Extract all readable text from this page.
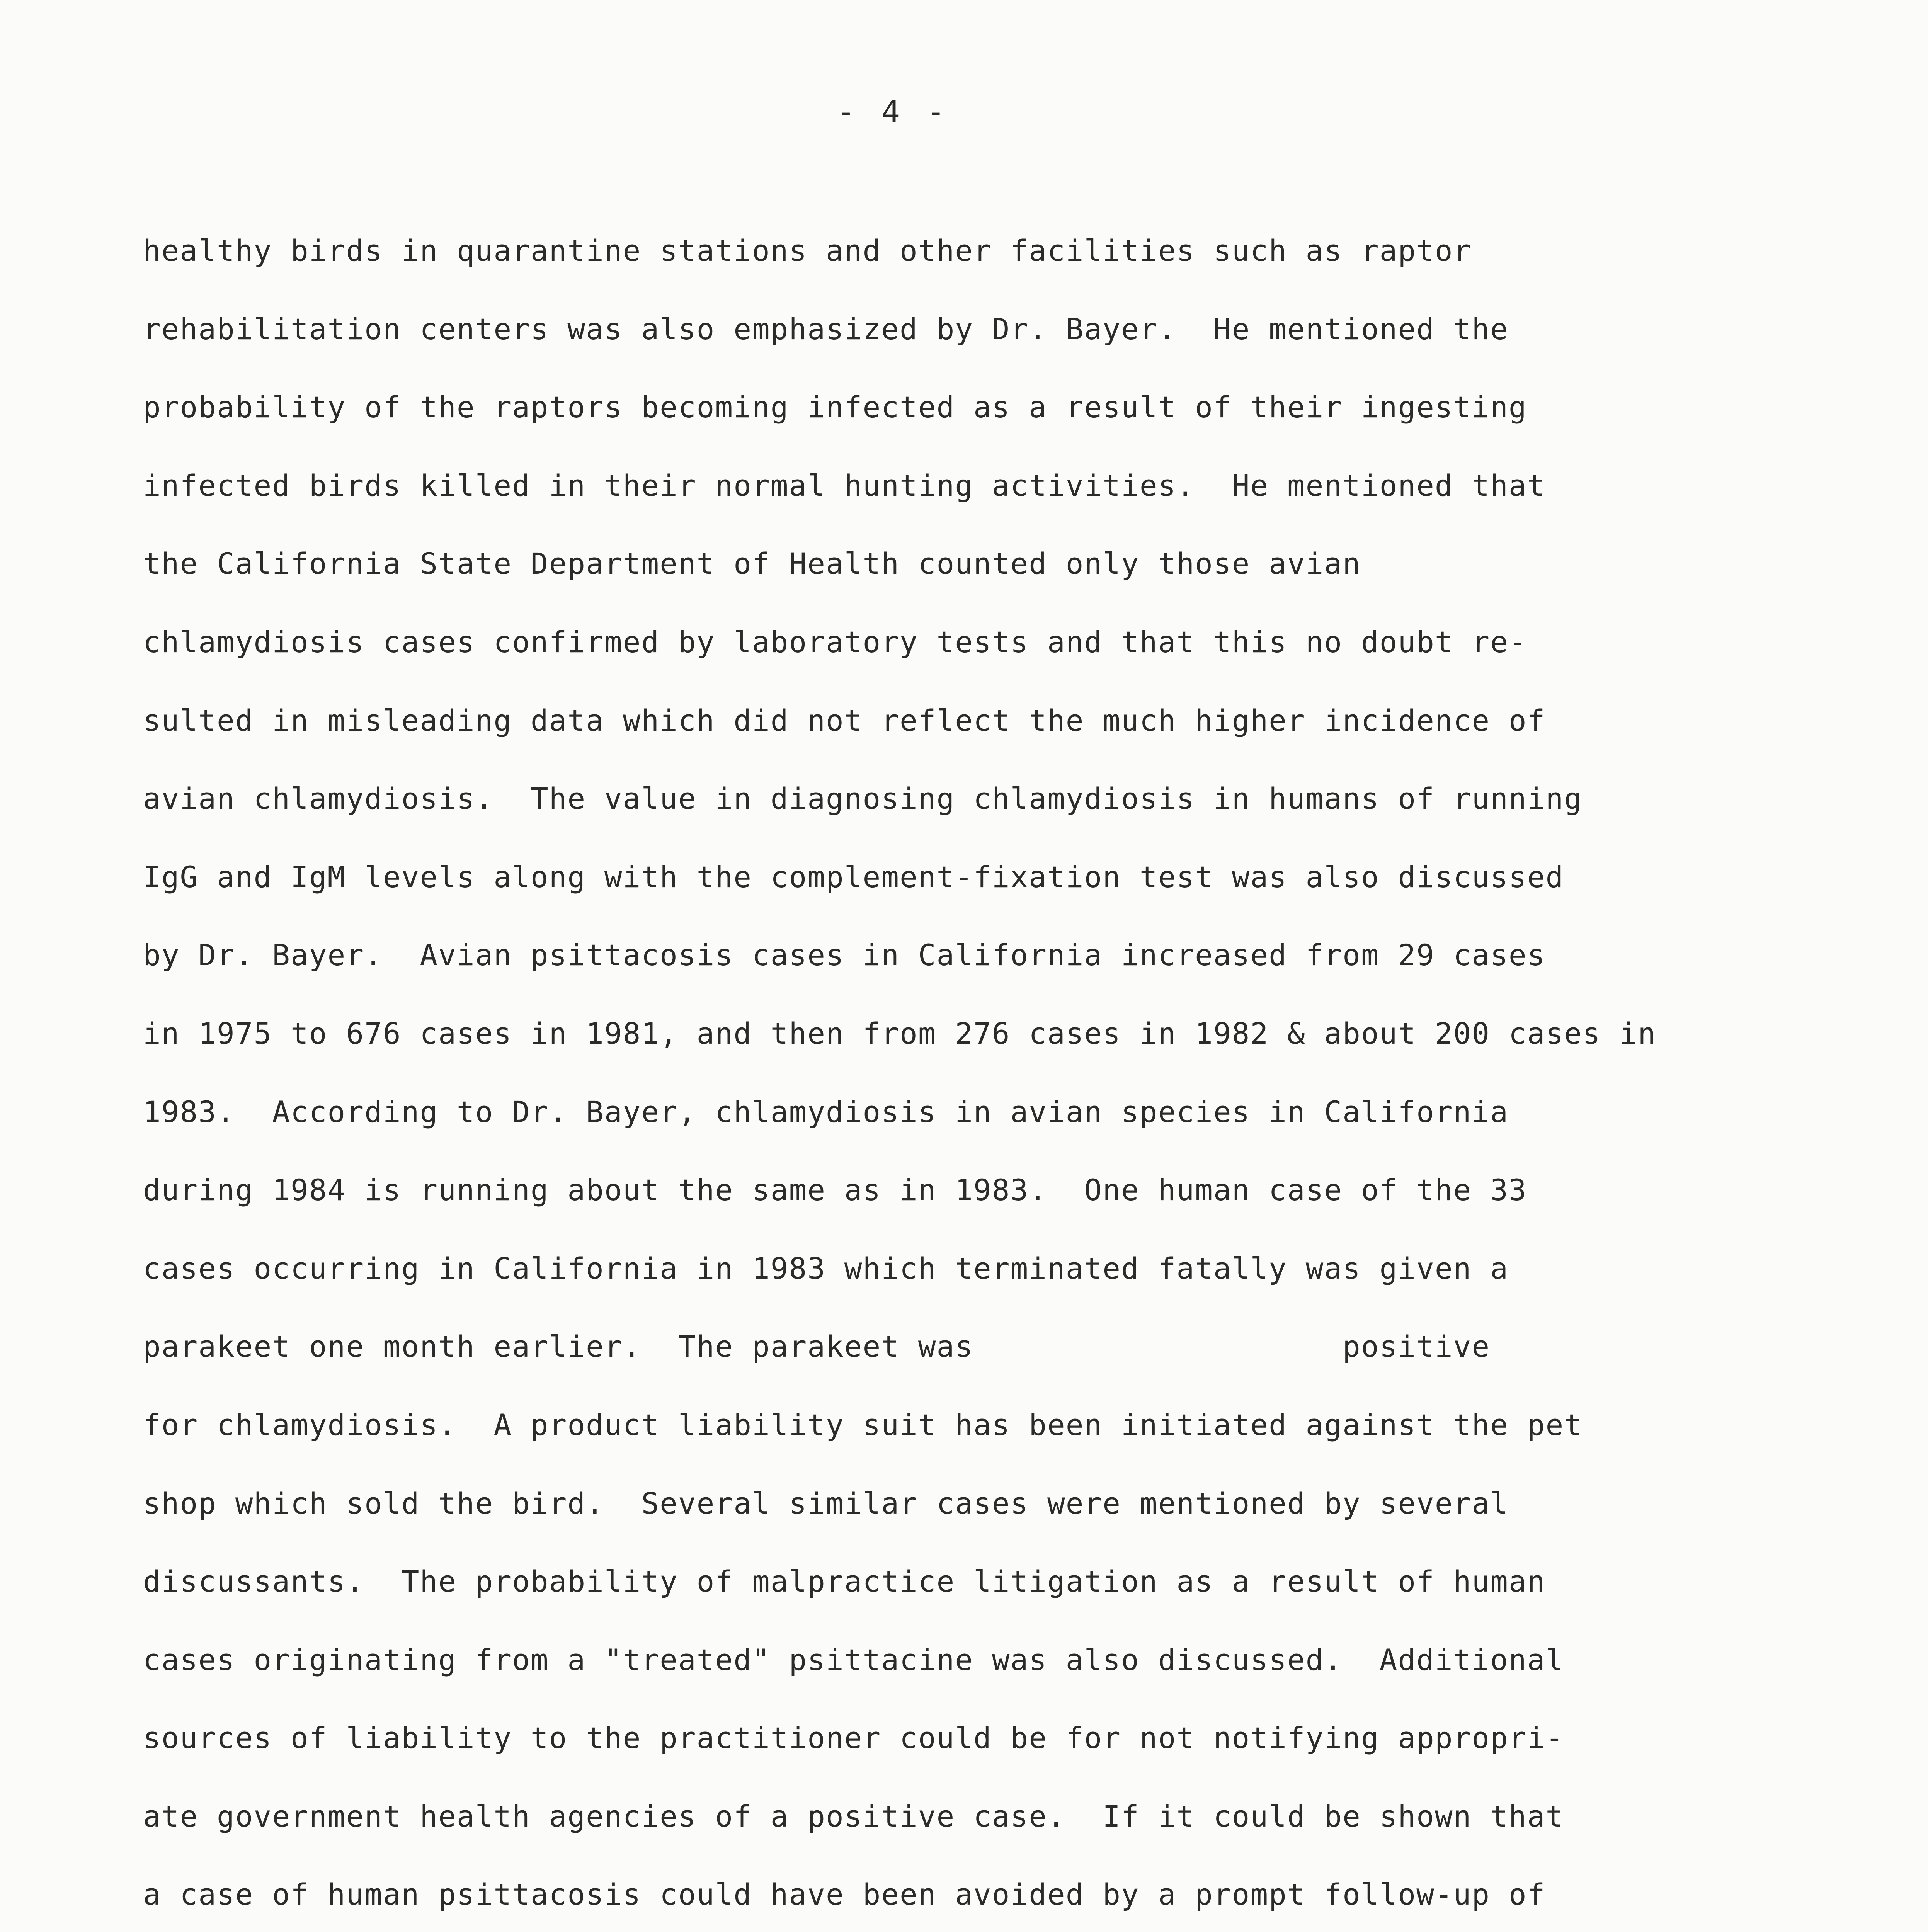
- 4 -
healthy birds in quarantine stations and other facilities such as raptor
rehabilitation centers was also emphasized by Dr. Bayer.  He mentioned the
probability of the raptors becoming infected as a result of their ingesting
infected birds killed in their normal hunting activities.  He mentioned that
the California State Department of Health counted only those avian
chlamydiosis cases confirmed by laboratory tests and that this no doubt re-
sulted in misleading data which did not reflect the much higher incidence of
avian chlamydiosis.  The value in diagnosing chlamydiosis in humans of running
IgG and IgM levels along with the complement-fixation test was also discussed
by Dr. Bayer.  Avian psittacosis cases in California increased from 29 cases
in 1975 to 676 cases in 1981, and then from 276 cases in 1982 & about 200 cases in
1983.  According to Dr. Bayer, chlamydiosis in avian species in California
during 1984 is running about the same as in 1983.  One human case of the 33
cases occurring in California in 1983 which terminated fatally was given a
parakeet one month earlier.  The parakeet was                    positive
for chlamydiosis.  A product liability suit has been initiated against the pet
shop which sold the bird.  Several similar cases were mentioned by several
discussants.  The probability of malpractice litigation as a result of human
cases originating from a "treated" psittacine was also discussed.  Additional
sources of liability to the practitioner could be for not notifying appropri-
ate government health agencies of a positive case.  If it could be shown that
a case of human psittacosis could have been avoided by a prompt follow-up of
